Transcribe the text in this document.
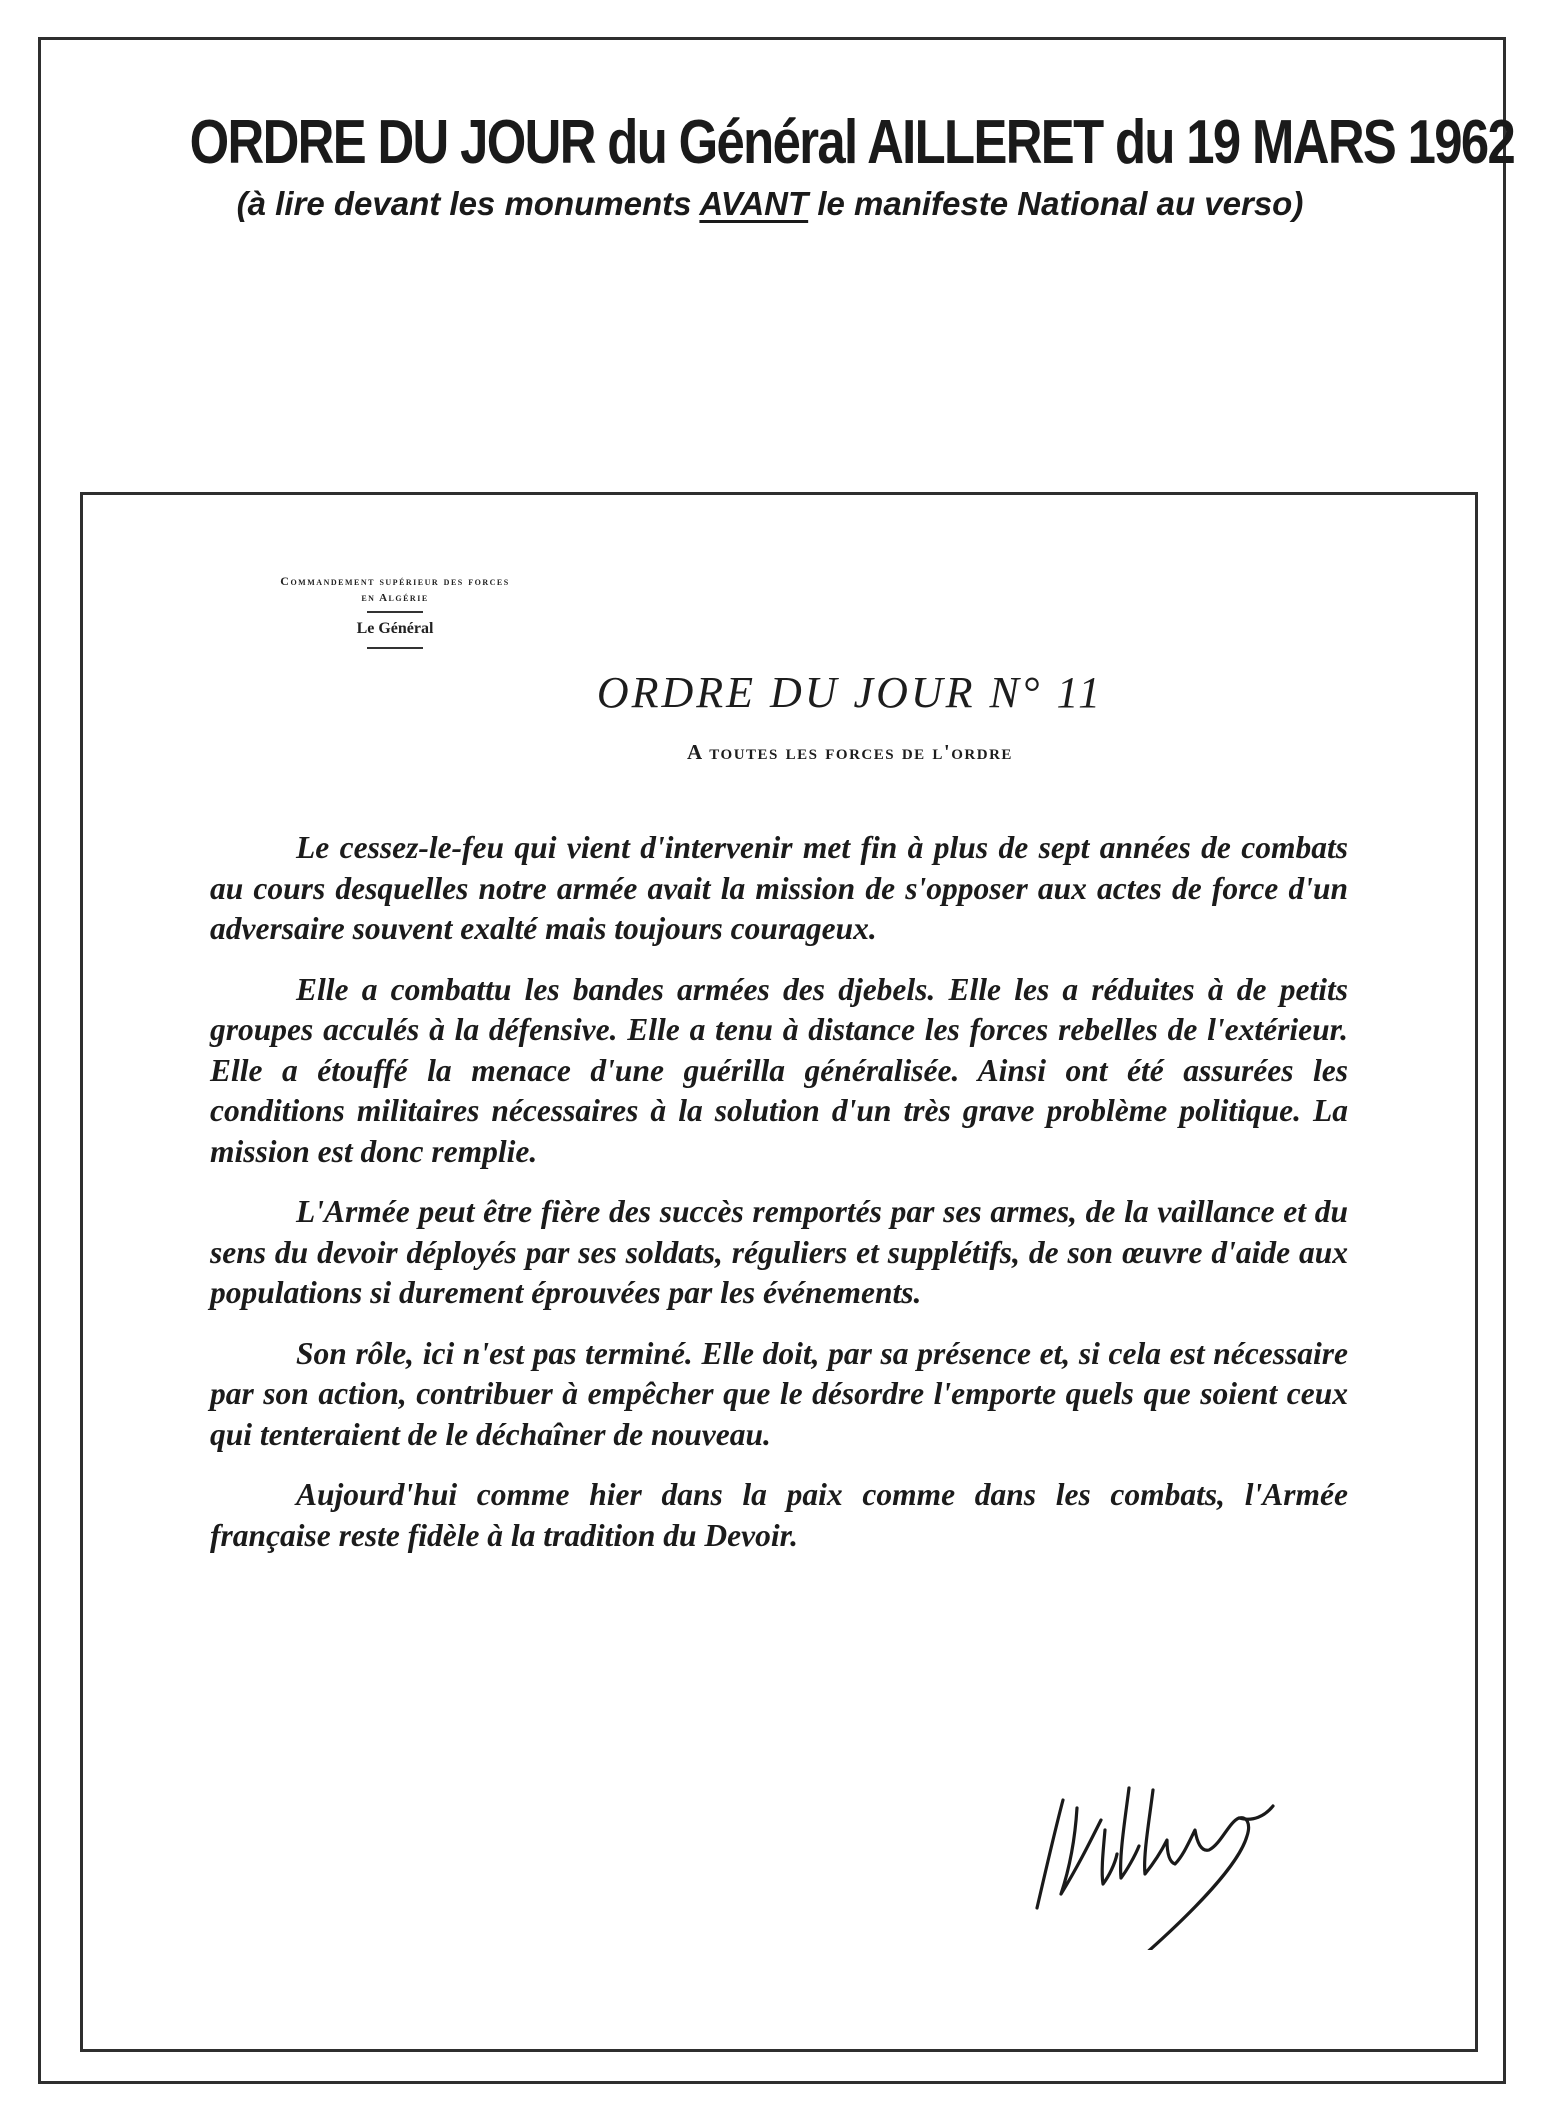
ORDRE DU JOUR du Général AILLERET du 19 MARS 1962

(à lire devant les monuments AVANT le manifeste National au verso)

Commandement supérieur des forces
en Algérie
Le Général
ORDRE DU JOUR N° 11

A toutes les forces de l'ordre

Le cessez-le-feu qui vient d'intervenir met fin à plus de sept années de combats au cours desquelles notre armée avait la mission de s'opposer aux actes de force d'un adversaire souvent exalté mais toujours courageux.

Elle a combattu les bandes armées des djebels. Elle les a réduites à de petits groupes acculés à la défensive. Elle a tenu à distance les forces rebelles de l'extérieur. Elle a étouffé la menace d'une guérilla généralisée. Ainsi ont été assurées les conditions militaires nécessaires à la solution d'un très grave problème politique. La mission est donc remplie.

L'Armée peut être fière des succès remportés par ses armes, de la vaillance et du sens du devoir déployés par ses soldats, réguliers et supplétifs, de son œuvre d'aide aux populations si durement éprouvées par les événements.

Son rôle, ici n'est pas terminé. Elle doit, par sa présence et, si cela est nécessaire par son action, contribuer à empêcher que le désordre l'emporte quels que soient ceux qui tenteraient de le déchaîner de nouveau.

Aujourd'hui comme hier dans la paix comme dans les combats, l'Armée française reste fidèle à la tradition du Devoir.
